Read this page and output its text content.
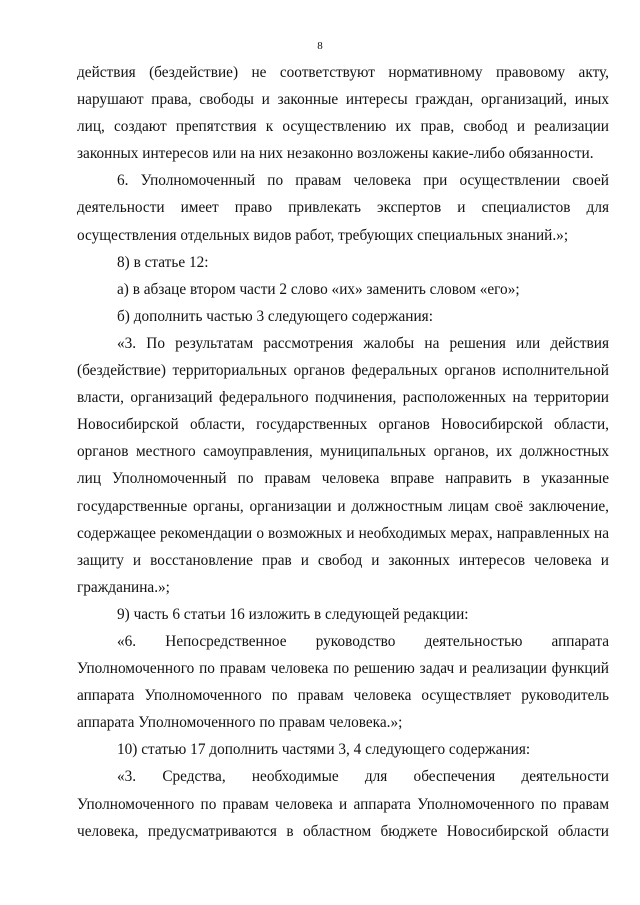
8

действия (бездействие) не соответствуют нормативному правовому акту, нарушают права, свободы и законные интересы граждан, организаций, иных лиц, создают препятствия к осуществлению их прав, свобод и реализации законных интересов или на них незаконно возложены какие-либо обязанности.

6. Уполномоченный по правам человека при осуществлении своей деятельности имеет право привлекать экспертов и специалистов для осуществления отдельных видов работ, требующих специальных знаний.»;

8) в статье 12:

а) в абзаце втором части 2 слово «их» заменить словом «его»;

б) дополнить частью 3 следующего содержания:

«3. По результатам рассмотрения жалобы на решения или действия (бездействие) территориальных органов федеральных органов исполнительной власти, организаций федерального подчинения, расположенных на территории Новосибирской области, государственных органов Новосибирской области, органов местного самоуправления, муниципальных органов, их должностных лиц Уполномоченный по правам человека вправе направить в указанные государственные органы, организации и должностным лицам своё заключение, содержащее рекомендации о возможных и необходимых мерах, направленных на защиту и восстановление прав и свобод и законных интересов человека и гражданина.»;

9) часть 6 статьи 16 изложить в следующей редакции:

«6. Непосредственное руководство деятельностью аппарата Уполномоченного по правам человека по решению задач и реализации функций аппарата Уполномоченного по правам человека осуществляет руководитель аппарата Уполномоченного по правам человека.»;

10) статью 17 дополнить частями 3, 4 следующего содержания:

«3. Средства, необходимые для обеспечения деятельности Уполномоченного по правам человека и аппарата Уполномоченного по правам человека, предусматриваются в областном бюджете Новосибирской области
